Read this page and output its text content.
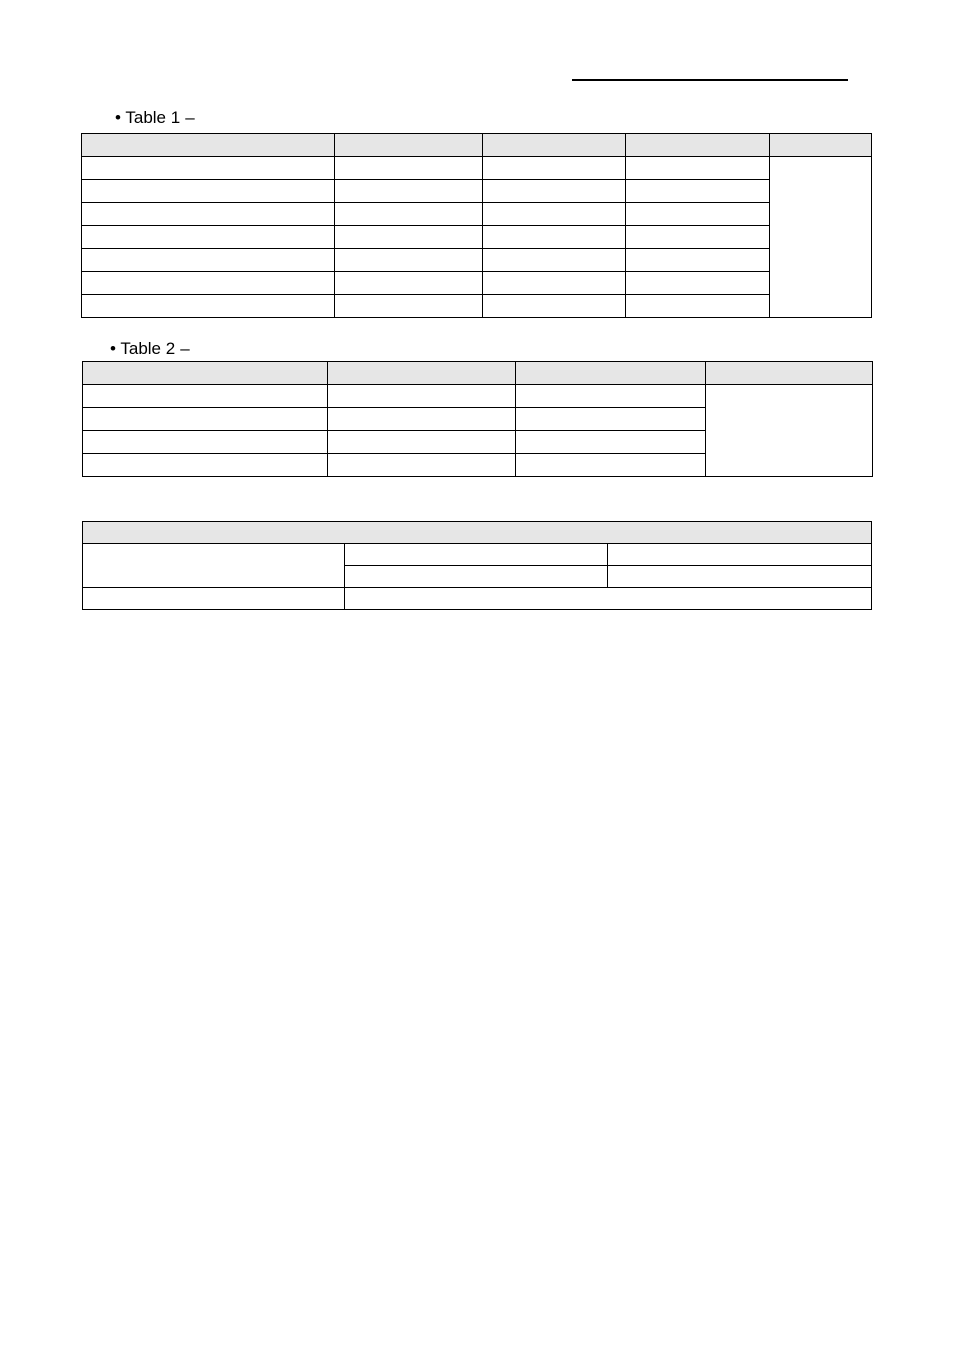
• Table 1 –

• Table 2 –
